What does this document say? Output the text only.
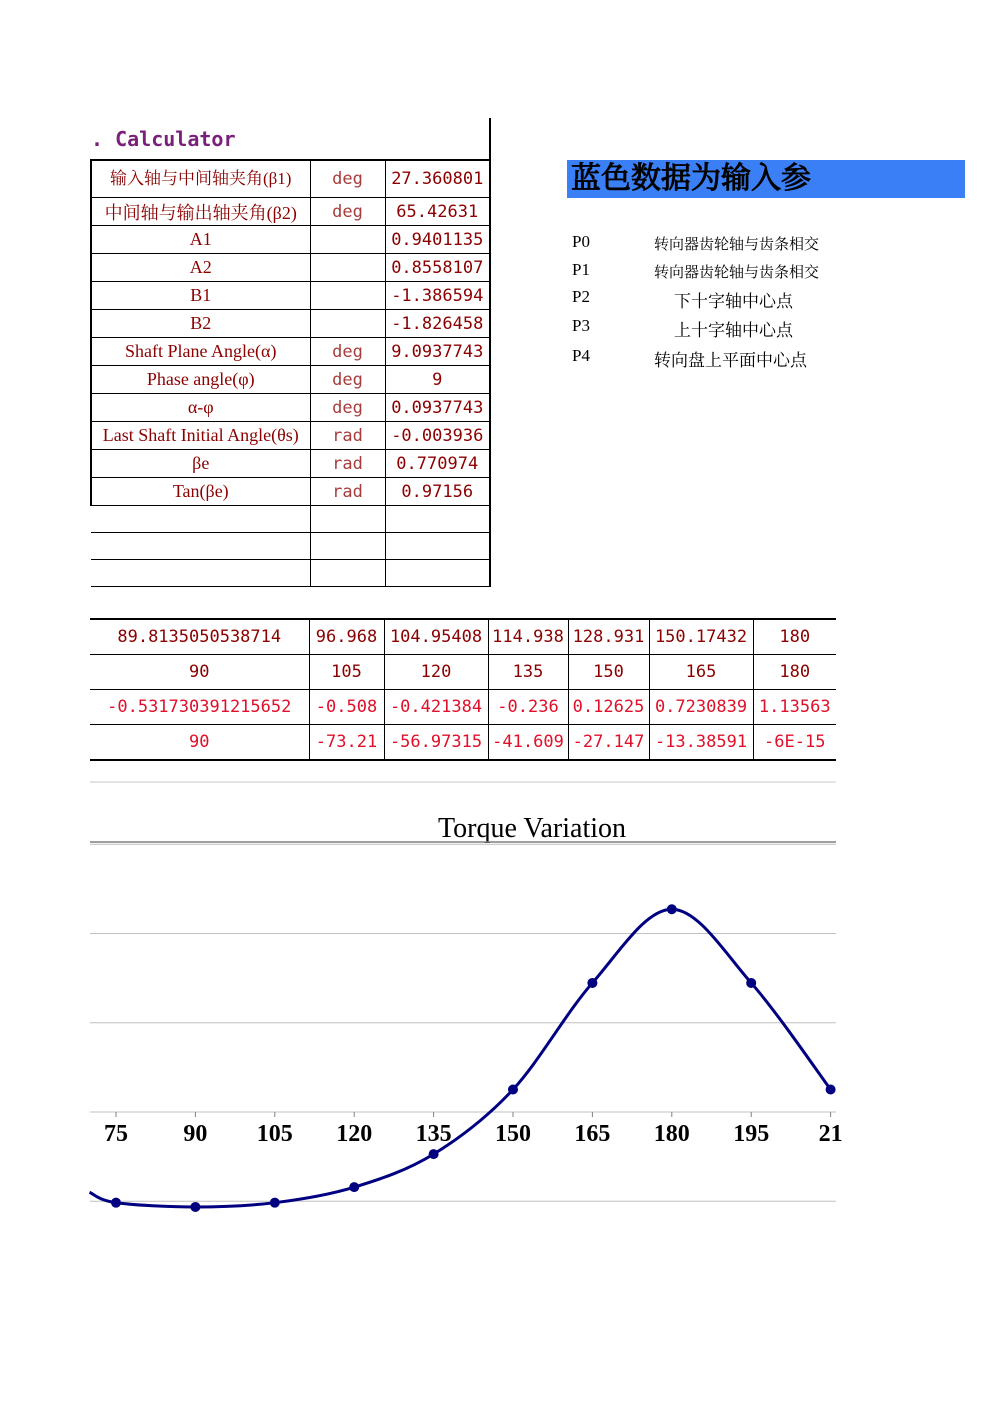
. Calculator		
输入轴与中间轴夹角(β1)	deg	27.360801
中间轴与输出轴夹角(β2)	deg	65.42631
A1		0.9401135
A2		0.8558107
B1		-1.386594
B2		-1.826458
Shaft Plane Angle(α)	deg	9.0937743
Phase angle(φ)	deg	9
α-φ	deg	0.0937743
Last Shaft Initial Angle(θs)	rad	-0.003936
βe	rad	0.770974
Tan(βe)	rad	0.97156

蓝色数据为输入参
P0	转向器齿轮轴与齿条相交
P1	转向器齿轮轴与齿条相交
P2	下十字轴中心点
P3	上十字轴中心点
P4	转向盘上平面中心点
89.8135050538714	96.968	104.95408	114.938	128.931	150.17432	180
90	105	120	135	150	165	180
-0.531730391215652	-0.508	-0.421384	-0.236	0.12625	0.7230839	1.13563
90	-73.21	-56.97315	-41.609	-27.147	-13.38591	-6E-15
Torque Variation
75 90 105 120 135 150 165 180 195 21
